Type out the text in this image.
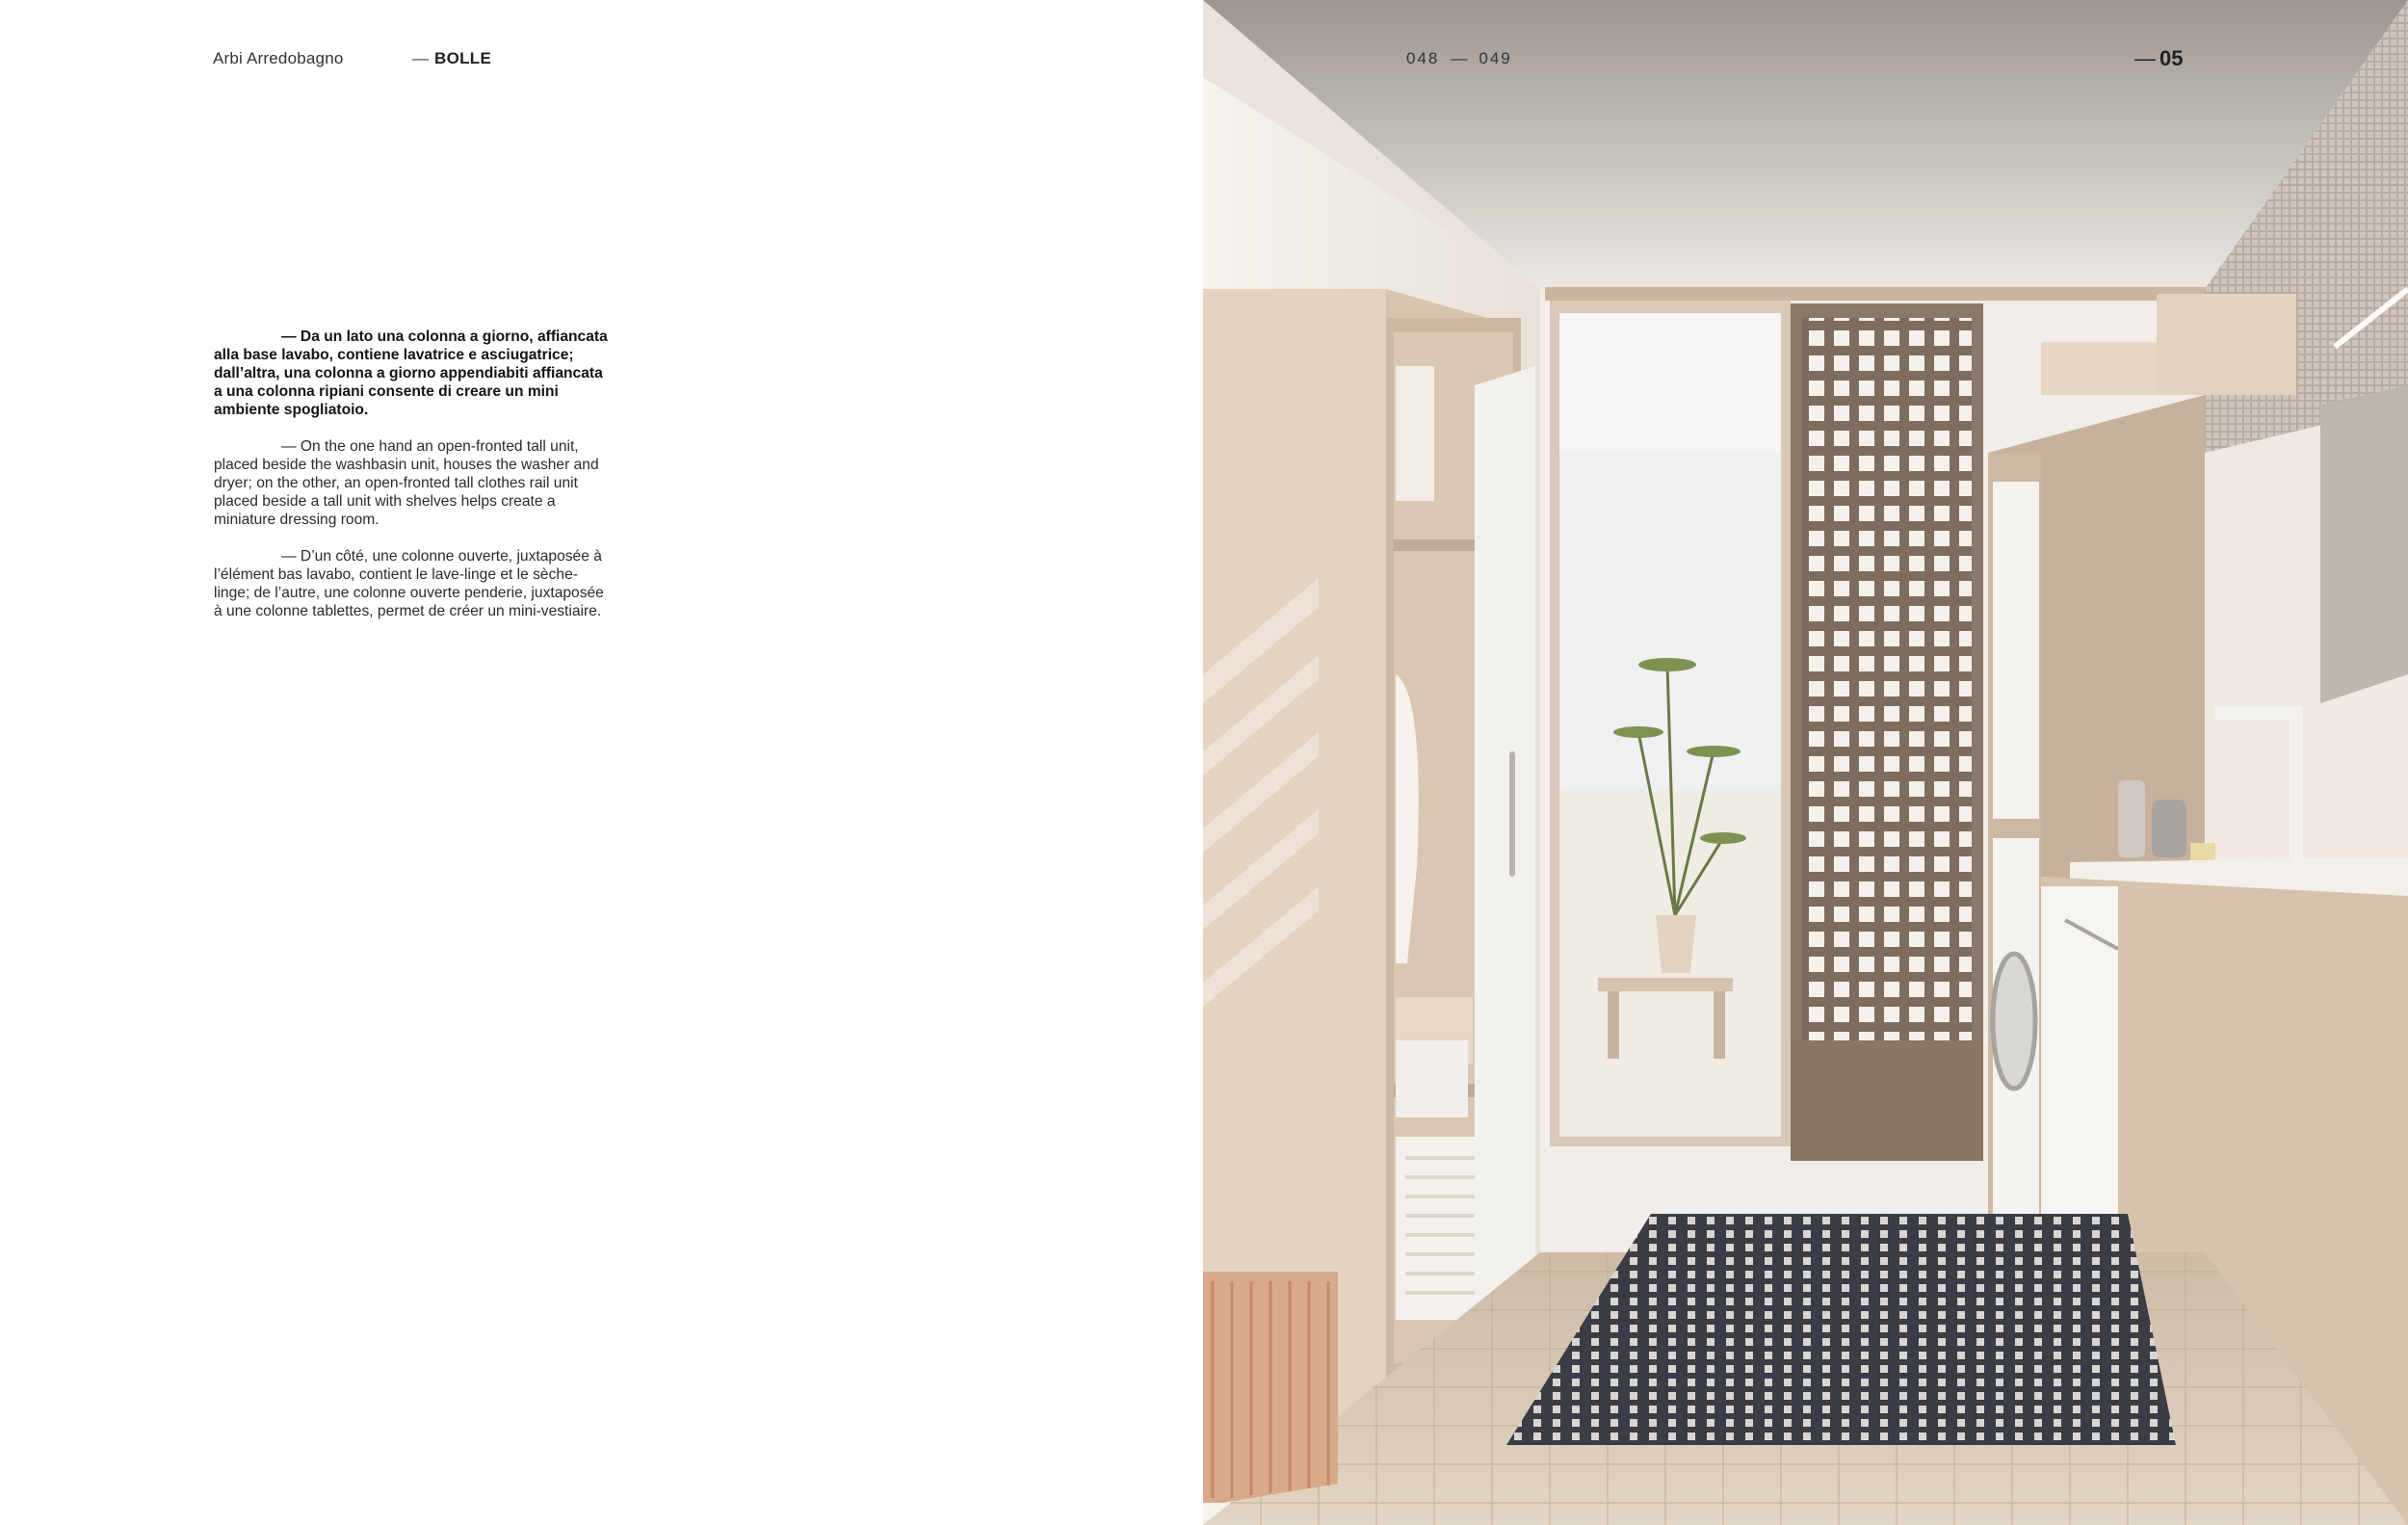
Arbi Arredobagno	— BOLLE

— Da un lato una colonna a giorno, affiancata alla base lavabo, contiene lavatrice e asciugatrice; dall’altra, una colonna a giorno appendiabiti affiancata a una colonna ripiani consente di creare un mini ambiente spogliatoio.

— On the one hand an open-fronted tall unit, placed beside the washbasin unit, houses the washer and dryer; on the other, an open-fronted tall clothes rail unit placed beside a tall unit with shelves helps create a miniature dressing room.

— D’un côté, une colonne ouverte, juxtaposée à l’élément bas lavabo, contient le lave-linge et le sèche-linge; de l’autre, une colonne ouverte penderie, juxtaposée à une colonne tablettes, permet de créer un mini-vestiaire.

048 — 049	— 05
